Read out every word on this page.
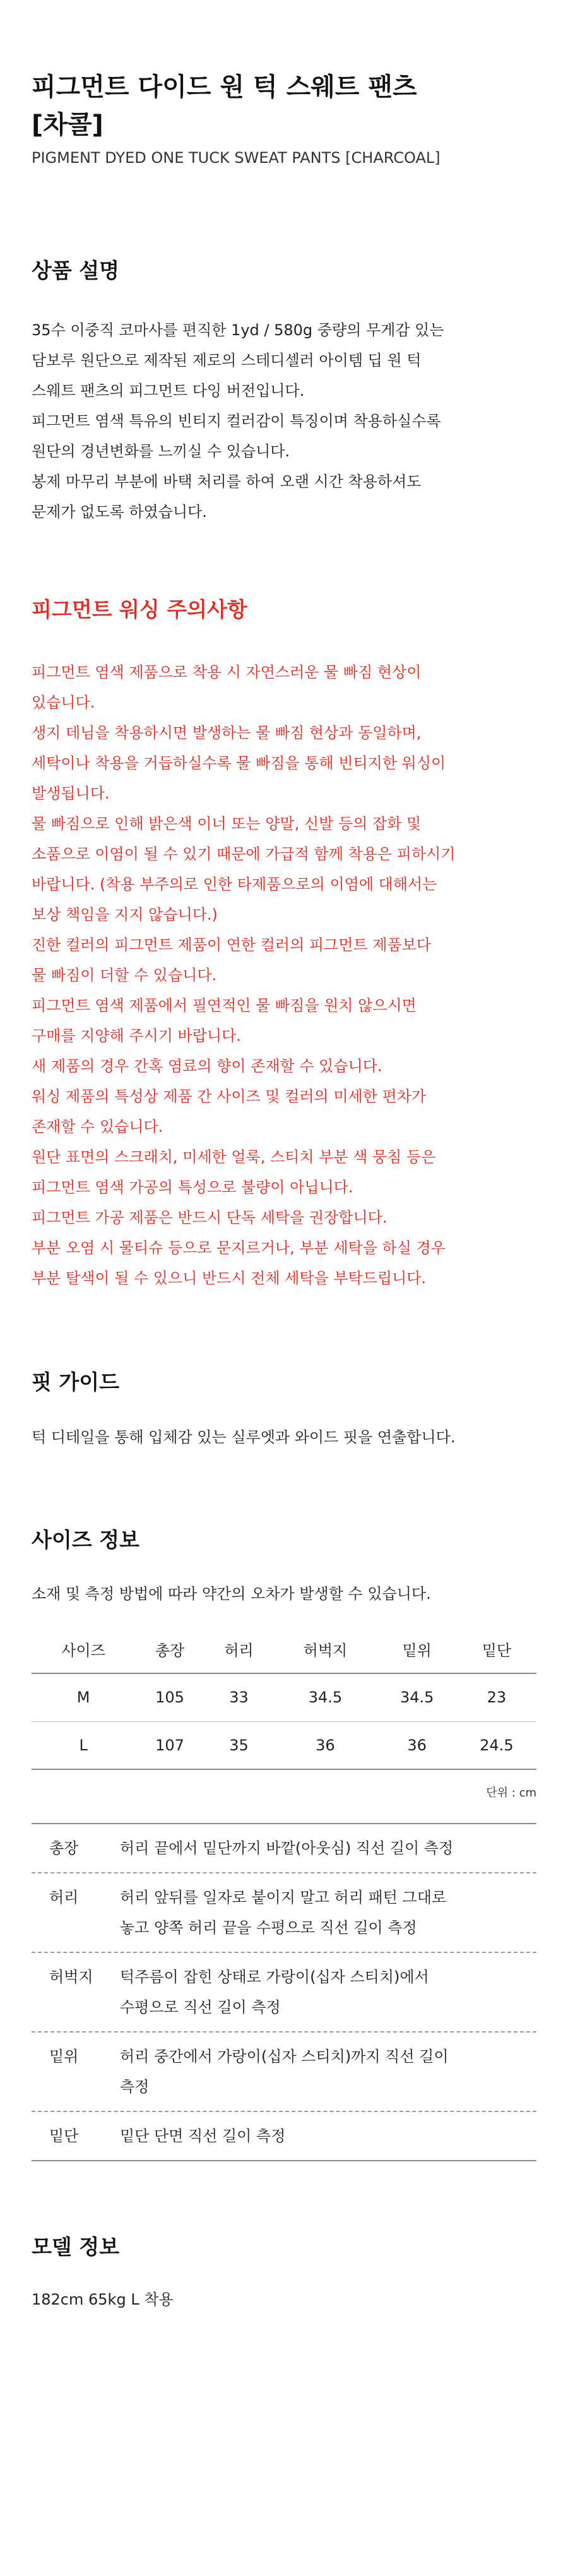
피그먼트 다이드 원 턱 스웨트 팬츠
[차콜]
PIGMENT DYED ONE TUCK SWEAT PANTS [CHARCOAL]
상품 설명
35수 이중직 코마사를 편직한 1yd / 580g 중량의 무게감 있는
담보루 원단으로 제작된 제로의 스테디셀러 아이템 딥 원 턱
스웨트 팬츠의 피그먼트 다잉 버전입니다.
피그먼트 염색 특유의 빈티지 컬러감이 특징이며 착용하실수록
원단의 경년변화를 느끼실 수 있습니다.
봉제 마무리 부분에 바택 처리를 하여 오랜 시간 착용하셔도
문제가 없도록 하였습니다.
피그먼트 워싱 주의사항
피그먼트 염색 제품으로 착용 시 자연스러운 물 빠짐 현상이
있습니다.
생지 데님을 착용하시면 발생하는 물 빠짐 현상과 동일하며,
세탁이나 착용을 거듭하실수록 물 빠짐을 통해 빈티지한 워싱이
발생됩니다.
물 빠짐으로 인해 밝은색 이너 또는 양말, 신발 등의 잡화 및
소품으로 이염이 될 수 있기 때문에 가급적 함께 착용은 피하시기
바랍니다. (착용 부주의로 인한 타제품으로의 이염에 대해서는
보상 책임을 지지 않습니다.)
진한 컬러의 피그먼트 제품이 연한 컬러의 피그먼트 제품보다
물 빠짐이 더할 수 있습니다.
피그먼트 염색 제품에서 필연적인 물 빠짐을 원치 않으시면
구매를 지양해 주시기 바랍니다.
새 제품의 경우 간혹 염료의 향이 존재할 수 있습니다.
워싱 제품의 특성상 제품 간 사이즈 및 컬러의 미세한 편차가
존재할 수 있습니다.
원단 표면의 스크래치, 미세한 얼룩, 스티치 부분 색 뭉침 등은
피그먼트 염색 가공의 특성으로 불량이 아닙니다.
피그먼트 가공 제품은 반드시 단독 세탁을 권장합니다.
부분 오염 시 물티슈 등으로 문지르거나, 부분 세탁을 하실 경우
부분 탈색이 될 수 있으니 반드시 전체 세탁을 부탁드립니다.
핏 가이드
턱 디테일을 통해 입체감 있는 실루엣과 와이드 핏을 연출합니다.
사이즈 정보
소재 및 측정 방법에 따라 약간의 오차가 발생할 수 있습니다.
사이즈	총장	허리	허벅지	밑위	밑단
M	105	33	34.5	34.5	23
L	107	35	36	36	24.5
단위 : cm
총장	허리 끝에서 밑단까지 바깥(아웃심) 직선 길이 측정
허리	허리 앞뒤를 일자로 붙이지 말고 허리 패턴 그대로
놓고 양쪽 허리 끝을 수평으로 직선 길이 측정
허벅지	턱주름이 잡힌 상태로 가랑이(십자 스티치)에서
수평으로 직선 길이 측정
밑위	허리 중간에서 가랑이(십자 스티치)까지 직선 길이
측정
밑단	밑단 단면 직선 길이 측정
모델 정보
182cm 65kg L 착용
